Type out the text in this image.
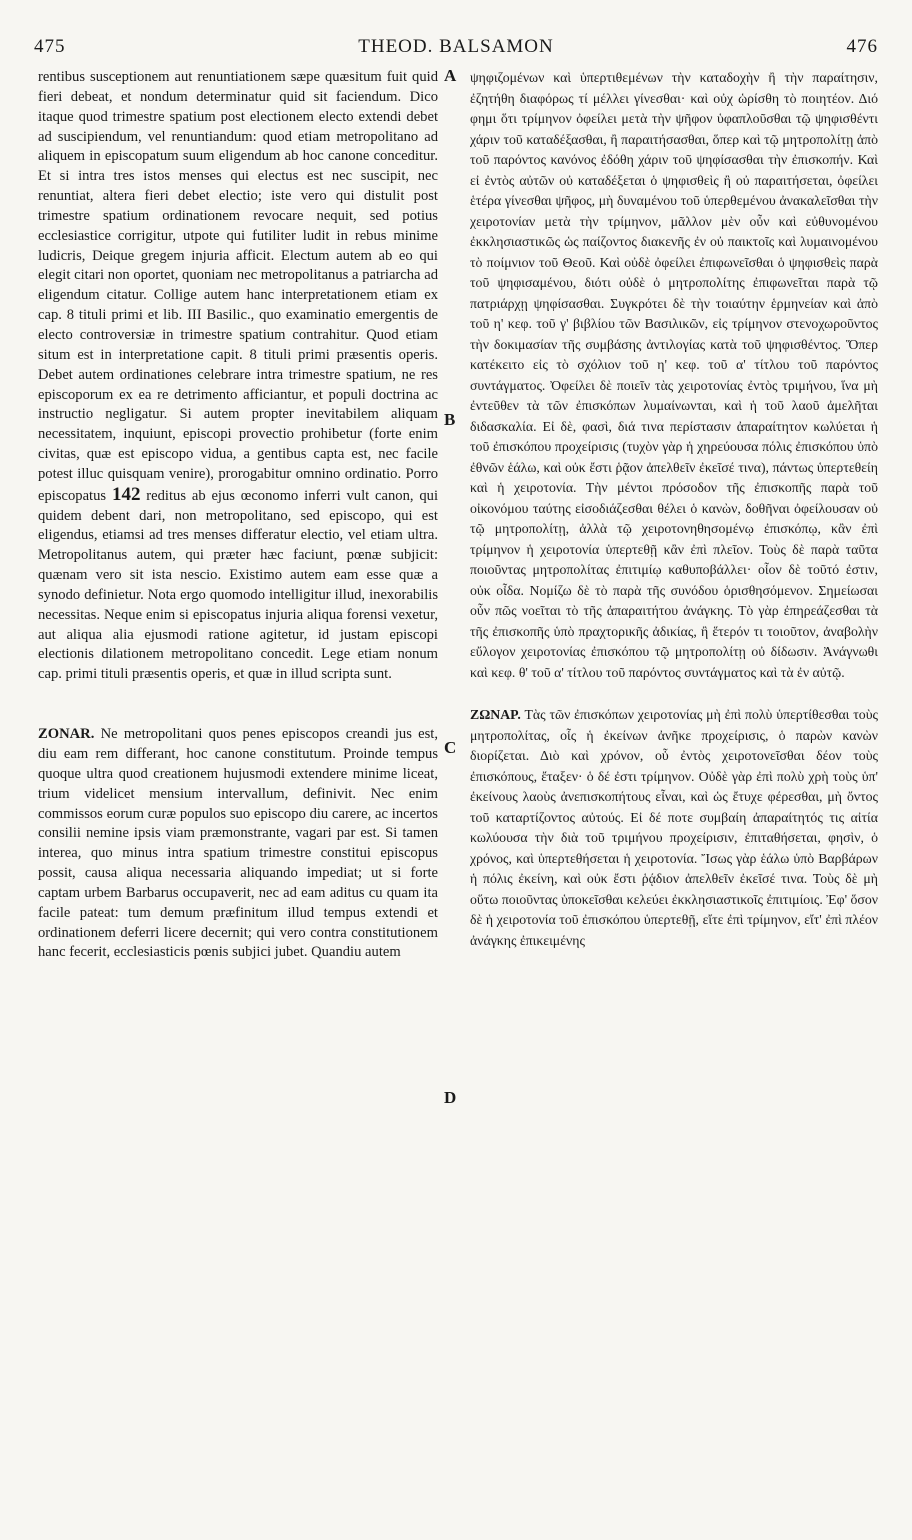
475	THEOD. BALSAMON	476

rentibus susceptionem aut renuntiationem sæpe quæsitum fuit quid fieri debeat, et nondum determinatur quid sit faciendum. Dico itaque quod trimestre spatium post electionem electo extendi debet ad suscipiendum, vel renuntiandum: quod etiam metropolitano ad aliquem in episcopatum suum eligendum ab hoc canone conceditur. Et si intra tres istos menses qui electus est nec suscipit, nec renuntiat, altera fieri debet electio; iste vero qui distulit post trimestre spatium ordinationem revocare nequit, sed potius ecclesiasticе corrigitur, utpote qui futiliter ludit in rebus minime ludicris, Deique gregem injuria afficit. Electum autem ab eo qui elegit citari non oportet, quoniam nec metropolitanus a patriarcha ad eligendum citatur. Collige autem hanc interpretationem etiam ex cap. 8 tituli primi et lib. III Basilic., quo examinatio emergentis de electo controversiæ in trimestre spatium contrahitur. Quod etiam situm est in interpretatione capit. 8 tituli primi præsentis operis. Debet autem ordinationes celebrare intra trimestre spatium, ne res episcoporum ex ea re detrimento afficiantur, et populi doctrina ac instructio negligatur. Si autem propter inevitabilem aliquam necessitatem, inquiunt, episcopi provectio prohibetur (forte enim civitas, quæ est episcopo vidua, a gentibus capta est, nec facile potest illuc quisquam venire), prorogabitur omnino ordinatio. Porro episcopatus 142 reditus ab ejus œconomo inferri vult canon, qui quidem debent dari, non metropolitano, sed episcopo, qui est eligendus, etiamsi ad tres menses differatur electio, vel etiam ultra. Metropolitanus autem, qui præter hæc faciunt, pœnæ subjicit: quænam vero sit ista nescio. Existimo autem eam esse quæ a synodo definietur. Nota ergo quomodo intelligitur illud, inexorabilis necessitas. Neque enim si episcopatus injuria aliqua forensi vexetur, aut aliqua alia ejusmodi ratione agitetur, id justam episcopi electionis dilationem metropolitano concedit. Lege etiam nonum cap. primi tituli præsentis operis, et quæ in illud scripta sunt.

ZONAR. Ne metropolitani quos penes episcopos creandi jus est, diu eam rem differant, hoc canone constitutum. Proinde tempus quoque ultra quod creationem hujusmodi extendere minime liceat, trium videlicet mensium intervallum, definivit. Nec enim commissos eorum curæ populos suo episcopo diu carere, ac incertos consilii nemine ipsis viam præmonstrante, vagari par est. Si tamen interea, quo minus intra spatium trimestre constitui episcopus possit, causa aliqua necessaria aliquando impediat; ut si forte captam urbem Barbarus occupaverit, nec ad eam aditus cu quam ita facile pateat: tum demum præfinitum illud tempus extendi et ordinationem deferri licere decernit; qui vero contra constitutionem hanc fecerit, ecclesiasticis pœnis subjici jubet. Quandiu autem

A
B
C
D

ψηφιζομένων καὶ ὑπερτιθεμένων τὴν καταδοχὴν ἢ τὴν παραίτησιν, ἐζητήθη διαφόρως τί μέλλει γίνεσθαι· καὶ οὐχ ὡρίσθη τὸ ποιητέον. Διό φημι ὅτι τρίμηνον ὀφείλει μετὰ τὴν ψῆφον ὑφαπλοῦσθαι τῷ ψηφισθέντι χάριν τοῦ καταδέξασθαι, ἢ παραιτήσασθαι, ὅπερ καὶ τῷ μητροπολίτῃ ἀπὸ τοῦ παρόντος κανόνος ἐδόθη χάριν τοῦ ψηφίσασθαι τὴν ἐπισκοπήν. Καὶ εἰ ἐντὸς αὐτῶν οὐ καταδέξεται ὁ ψηφισθεὶς ἢ οὐ παραιτήσεται, ὀφείλει ἑτέρα γίνεσθαι ψῆφος, μὴ δυναμένου τοῦ ὑπερθεμένου ἀνακαλεῖσθαι τὴν χειροτονίαν μετὰ τὴν τρίμηνον, μᾶλλον μὲν οὖν καὶ εὐθυνομένου ἐκκλησιαστικῶς ὡς παίζοντος διακενῆς ἐν οὐ παικτοῖς καὶ λυμαινομένου τὸ ποίμνιον τοῦ Θεοῦ. Καὶ οὐδὲ ὀφείλει ἐπιφωνεῖσθαι ὁ ψηφισθεὶς παρὰ τοῦ ψηφισαμένου, διότι οὐδὲ ὁ μητροπολίτης ἐπιφωνεῖται παρὰ τῷ πατριάρχῃ ψηφίσασθαι. Συγκρότει δὲ τὴν τοιαύτην ἑρμηνείαν καὶ ἀπὸ τοῦ η' κεφ. τοῦ γ' βιβλίου τῶν Βασιλικῶν, εἰς τρίμηνον στενοχωροῦντος τὴν δοκιμασίαν τῆς συμβάσης ἀντιλογίας κατὰ τοῦ ψηφισθέντος. Ὅπερ κατέκειτο εἰς τὸ σχόλιον τοῦ η' κεφ. τοῦ α' τίτλου τοῦ παρόντος συντάγματος. Ὀφείλει δὲ ποιεῖν τὰς χειροτονίας ἐντὸς τριμήνου, ἵνα μὴ ἐντεῦθεν τὰ τῶν ἐπισκόπων λυμαίνωνται, καὶ ἡ τοῦ λαοῦ ἀμελῆται διδασκαλία. Εἰ δὲ, φασὶ, διά τινα περίστασιν ἀπαραίτητον κωλύεται ἡ τοῦ ἐπισκόπου προχείρισις (τυχὸν γὰρ ἡ χηρεύουσα πόλις ἐπισκόπου ὑπὸ ἐθνῶν ἑάλω, καὶ οὐκ ἔστι ῥᾷον ἀπελθεῖν ἐκεῖσέ τινα), πάντως ὑπερτεθείη καὶ ἡ χειροτονία. Τὴν μέντοι πρόσοδον τῆς ἐπισκοπῆς παρὰ τοῦ οἰκονόμου ταύτης εἰσοδιάζεσθαι θέλει ὁ κανὼν, δοθῆναι ὀφείλουσαν οὐ τῷ μητροπολίτῃ, ἀλλὰ τῷ χειροτονηθησομένῳ ἐπισκόπῳ, κἂν ἐπὶ τρίμηνον ἡ χειροτονία ὑπερτεθῇ κἂν ἐπὶ πλεῖον. Τοὺς δὲ παρὰ ταῦτα ποιοῦντας μητροπολίτας ἐπιτιμίῳ καθυποβάλλει· οἷον δὲ τοῦτό ἐστιν, οὐκ οἶδα. Νομίζω δὲ τὸ παρὰ τῆς συνόδου ὁρισθησόμενον. Σημείωσαι οὖν πῶς νοεῖται τὸ τῆς ἀπαραιτήτου ἀνάγκης. Τὸ γὰρ ἐπηρεάζεσθαι τὰ τῆς ἐπισκοπῆς ὑπὸ πραχτορικῆς ἀδικίας, ἢ ἕτερόν τι τοιοῦτον, ἀναβολὴν εὔλογον χειροτονίας ἐπισκόπου τῷ μητροπολίτῃ οὐ δίδωσιν. Ἀνάγνωθι καὶ κεφ. θ' τοῦ α' τίτλου τοῦ παρόντος συντάγματος καὶ τὰ ἐν αὐτῷ.

ΖΩΝΑΡ. Τὰς τῶν ἐπισκόπων χειροτονίας μὴ ἐπὶ πολὺ ὑπερτίθεσθαι τοὺς μητροπολίτας, οἷς ἡ ἐκείνων ἀνῆκε προχείρισις, ὁ παρὼν κανὼν διορίζεται. Διὸ καὶ χρόνον, οὗ ἐντὸς χειροτονεῖσθαι δέον τοὺς ἐπισκόπους, ἔταξεν· ὁ δέ ἐστι τρίμηνον. Οὐδὲ γὰρ ἐπὶ πολὺ χρὴ τοὺς ὑπ' ἐκείνους λαοὺς ἀνεπισκοπήτους εἶναι, καὶ ὡς ἔτυχε φέρεσθαι, μὴ ὄντος τοῦ καταρτίζοντος αὐτούς. Εἰ δέ ποτε συμβαίη ἀπαραίτητός τις αἰτία κωλύουσα τὴν διὰ τοῦ τριμήνου προχείρισιν, ἐπιταθήσεται, φησὶν, ὁ χρόνος, καὶ ὑπερτεθήσεται ἡ χειροτονία. Ἴσως γὰρ ἑάλω ὑπὸ Βαρβάρων ἡ πόλις ἐκείνη, καὶ οὐκ ἔστι ῥᾴδιον ἀπελθεῖν ἐκεῖσέ τινα. Τοὺς δὲ μὴ οὕτω ποιοῦντας ὑποκεῖσθαι κελεύει ἐκκλησιαστικοῖς ἐπιτιμίοις. Ἐφ' ὅσον δὲ ἡ χειροτονία τοῦ ἐπισκόπου ὑπερτεθῇ, εἴτε ἐπὶ τρίμηνον, εἴτ' ἐπὶ πλέον ἀνάγκης ἐπικειμένης
